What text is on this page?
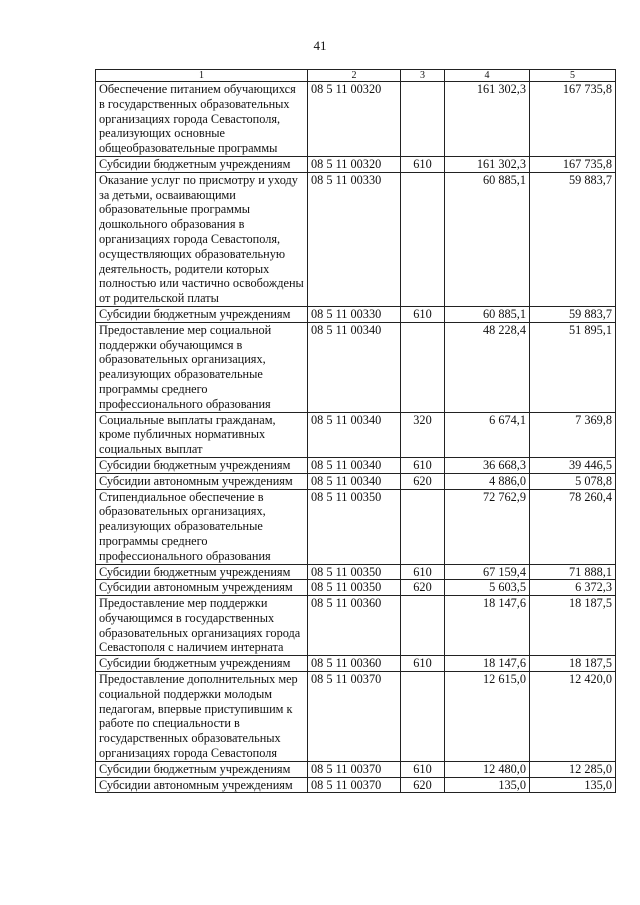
41
1	2	3	4	5
Обеспечение питанием обучающихся в государственных образовательных организациях города Севастополя, реализующих основные общеобразовательные программы	08 5 11 00320		161 302,3	167 735,8
Субсидии бюджетным учреждениям	08 5 11 00320	610	161 302,3	167 735,8
Оказание услуг по присмотру и уходу за детьми, осваивающими образовательные программы дошкольного образования в организациях города Севастополя, осуществляющих образовательную деятельность, родители которых полностью или частично освобождены от родительской платы	08 5 11 00330		60 885,1	59 883,7
Субсидии бюджетным учреждениям	08 5 11 00330	610	60 885,1	59 883,7
Предоставление мер социальной поддержки обучающимся в образовательных организациях, реализующих образовательные программы среднего профессионального образования	08 5 11 00340		48 228,4	51 895,1
Социальные выплаты гражданам, кроме публичных нормативных социальных выплат	08 5 11 00340	320	6 674,1	7 369,8
Субсидии бюджетным учреждениям	08 5 11 00340	610	36 668,3	39 446,5
Субсидии автономным учреждениям	08 5 11 00340	620	4 886,0	5 078,8
Стипендиальное обеспечение в образовательных организациях, реализующих образовательные программы среднего профессионального образования	08 5 11 00350		72 762,9	78 260,4
Субсидии бюджетным учреждениям	08 5 11 00350	610	67 159,4	71 888,1
Субсидии автономным учреждениям	08 5 11 00350	620	5 603,5	6 372,3
Предоставление мер поддержки обучающимся в государственных образовательных организациях города Севастополя с наличием интерната	08 5 11 00360		18 147,6	18 187,5
Субсидии бюджетным учреждениям	08 5 11 00360	610	18 147,6	18 187,5
Предоставление дополнительных мер социальной поддержки молодым педагогам, впервые приступившим к работе по специальности в государственных образовательных организациях города Севастополя	08 5 11 00370		12 615,0	12 420,0
Субсидии бюджетным учреждениям	08 5 11 00370	610	12 480,0	12 285,0
Субсидии автономным учреждениям	08 5 11 00370	620	135,0	135,0
